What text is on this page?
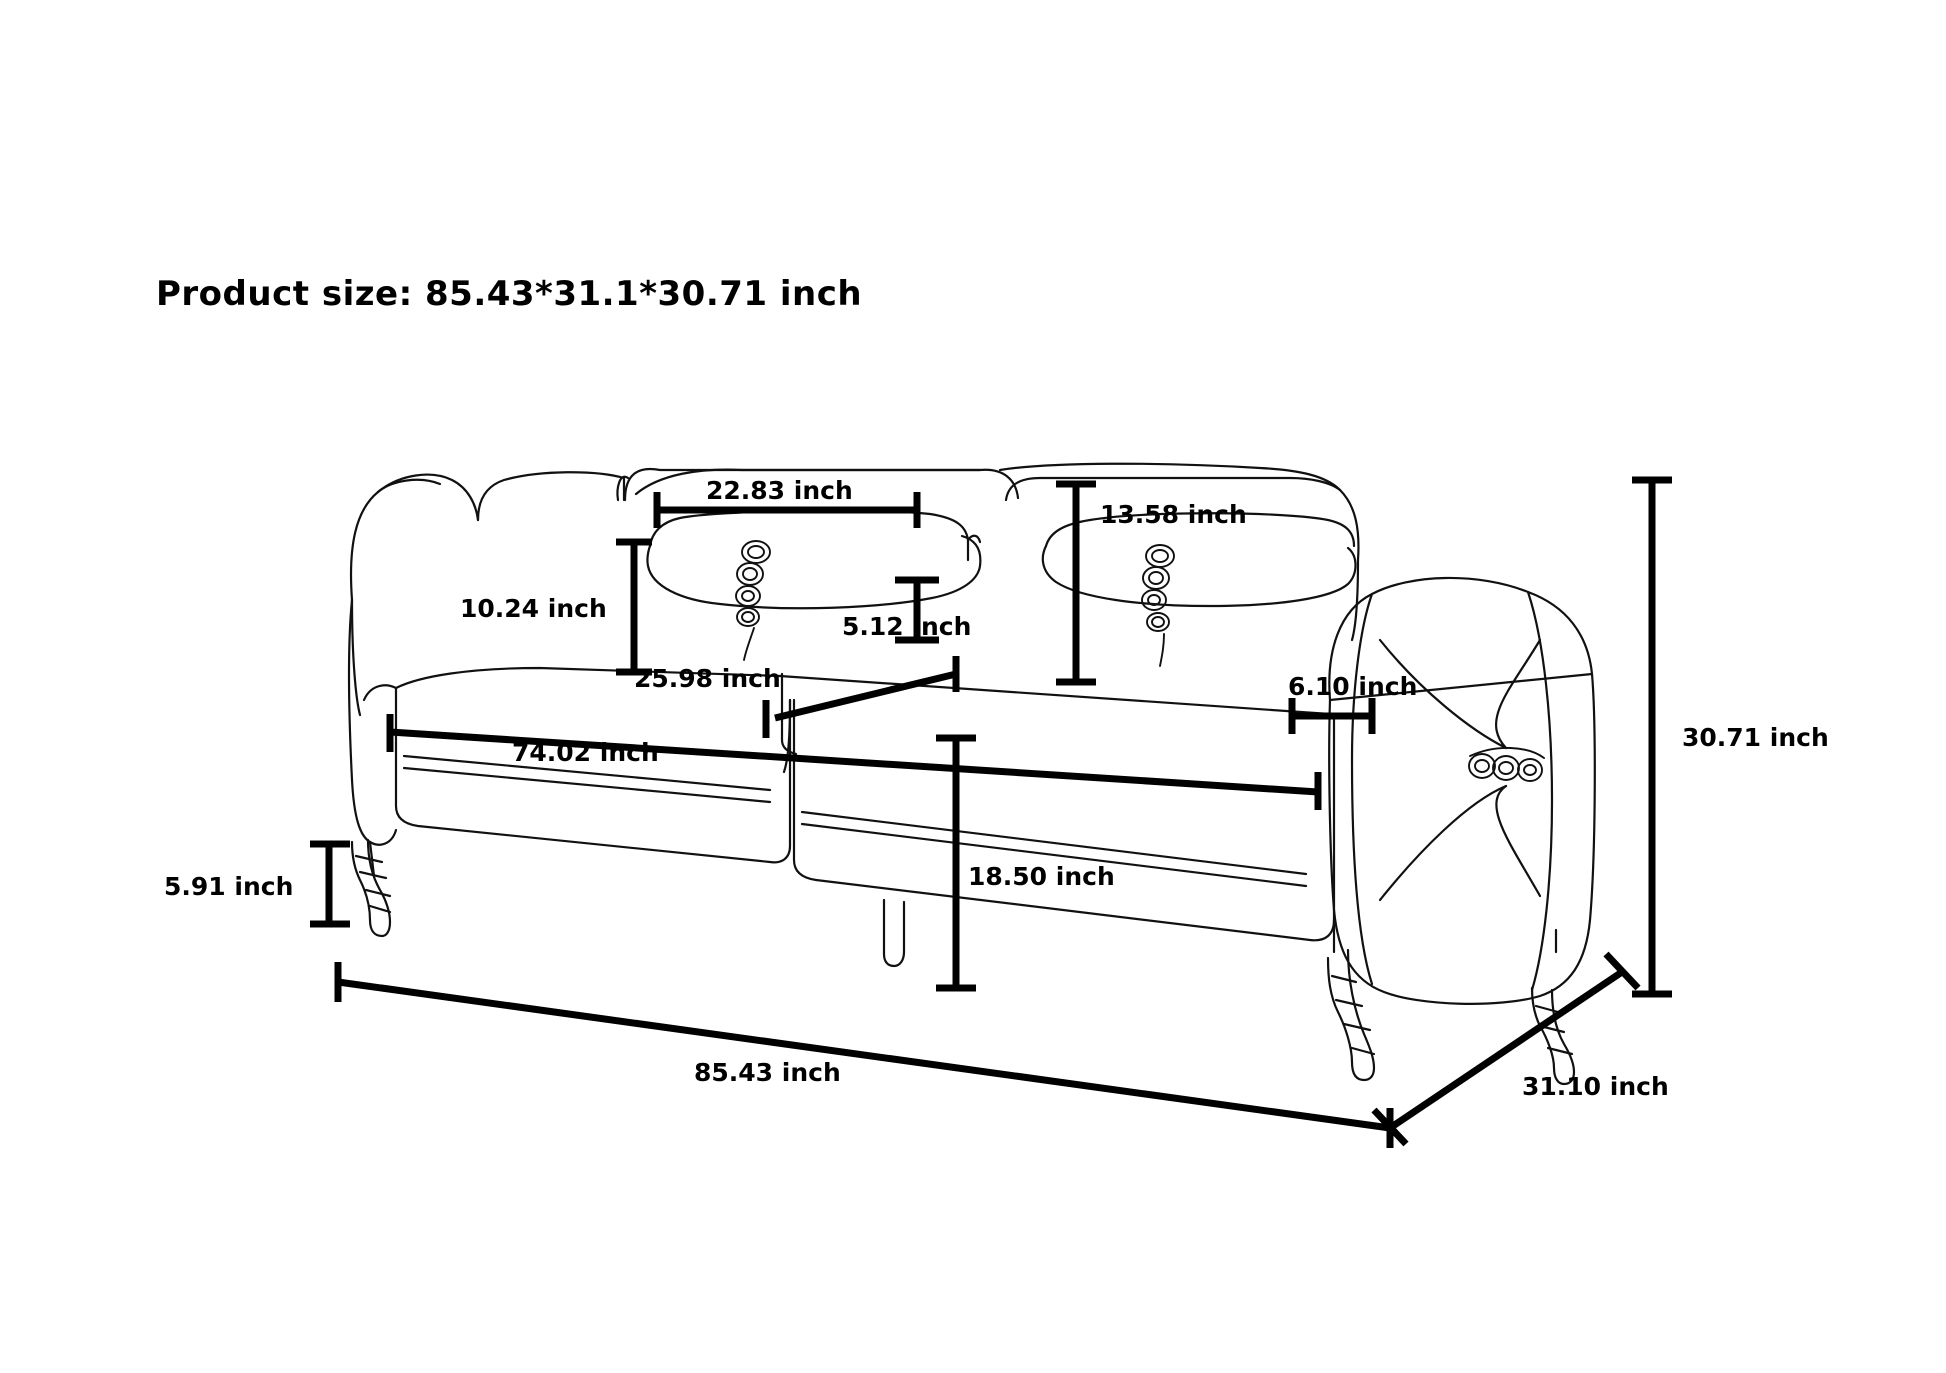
Product size: 85.43*31.1*30.71 inch
22.83 inch
10.24 inch
5.12 inch
13.58 inch
25.98 inch	6.10 inch
74.02 inch
18.50 inch
5.91 inch
30.71 inch
85.43 inch	31.10 inch
